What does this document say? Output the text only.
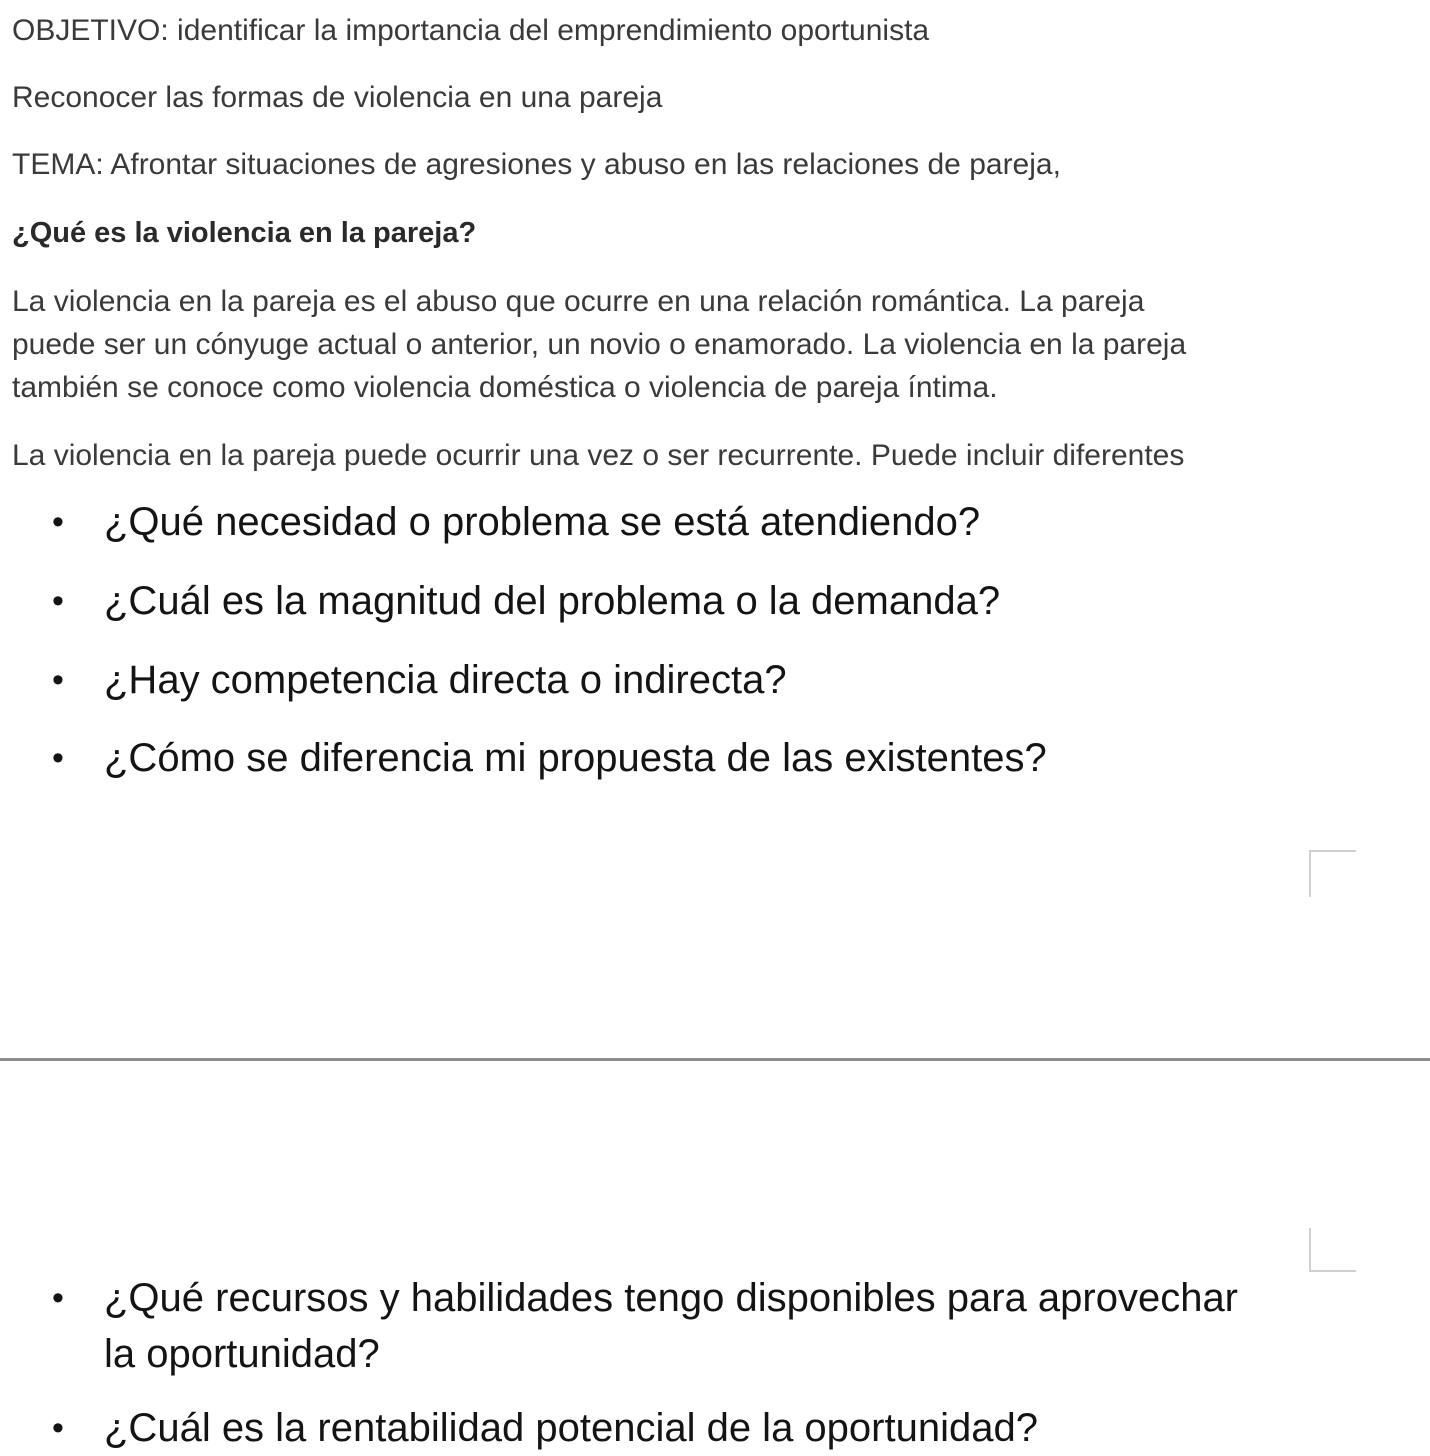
OBJETIVO: identificar la importancia del emprendimiento oportunista

Reconocer las formas de violencia en una pareja

TEMA: Afrontar situaciones de agresiones y abuso en las relaciones de pareja,

¿Qué es la violencia en la pareja?

La violencia en la pareja es el abuso que ocurre en una relación romántica. La pareja
puede ser un cónyuge actual o anterior, un novio o enamorado. La violencia en la pareja
también se conoce como violencia doméstica o violencia de pareja íntima.

La violencia en la pareja puede ocurrir una vez o ser recurrente. Puede incluir diferentes

• ¿Qué necesidad o problema se está atendiendo?
• ¿Cuál es la magnitud del problema o la demanda?
• ¿Hay competencia directa o indirecta?
• ¿Cómo se diferencia mi propuesta de las existentes?
• ¿Qué recursos y habilidades tengo disponibles para aprovechar
la oportunidad?
• ¿Cuál es la rentabilidad potencial de la oportunidad?
